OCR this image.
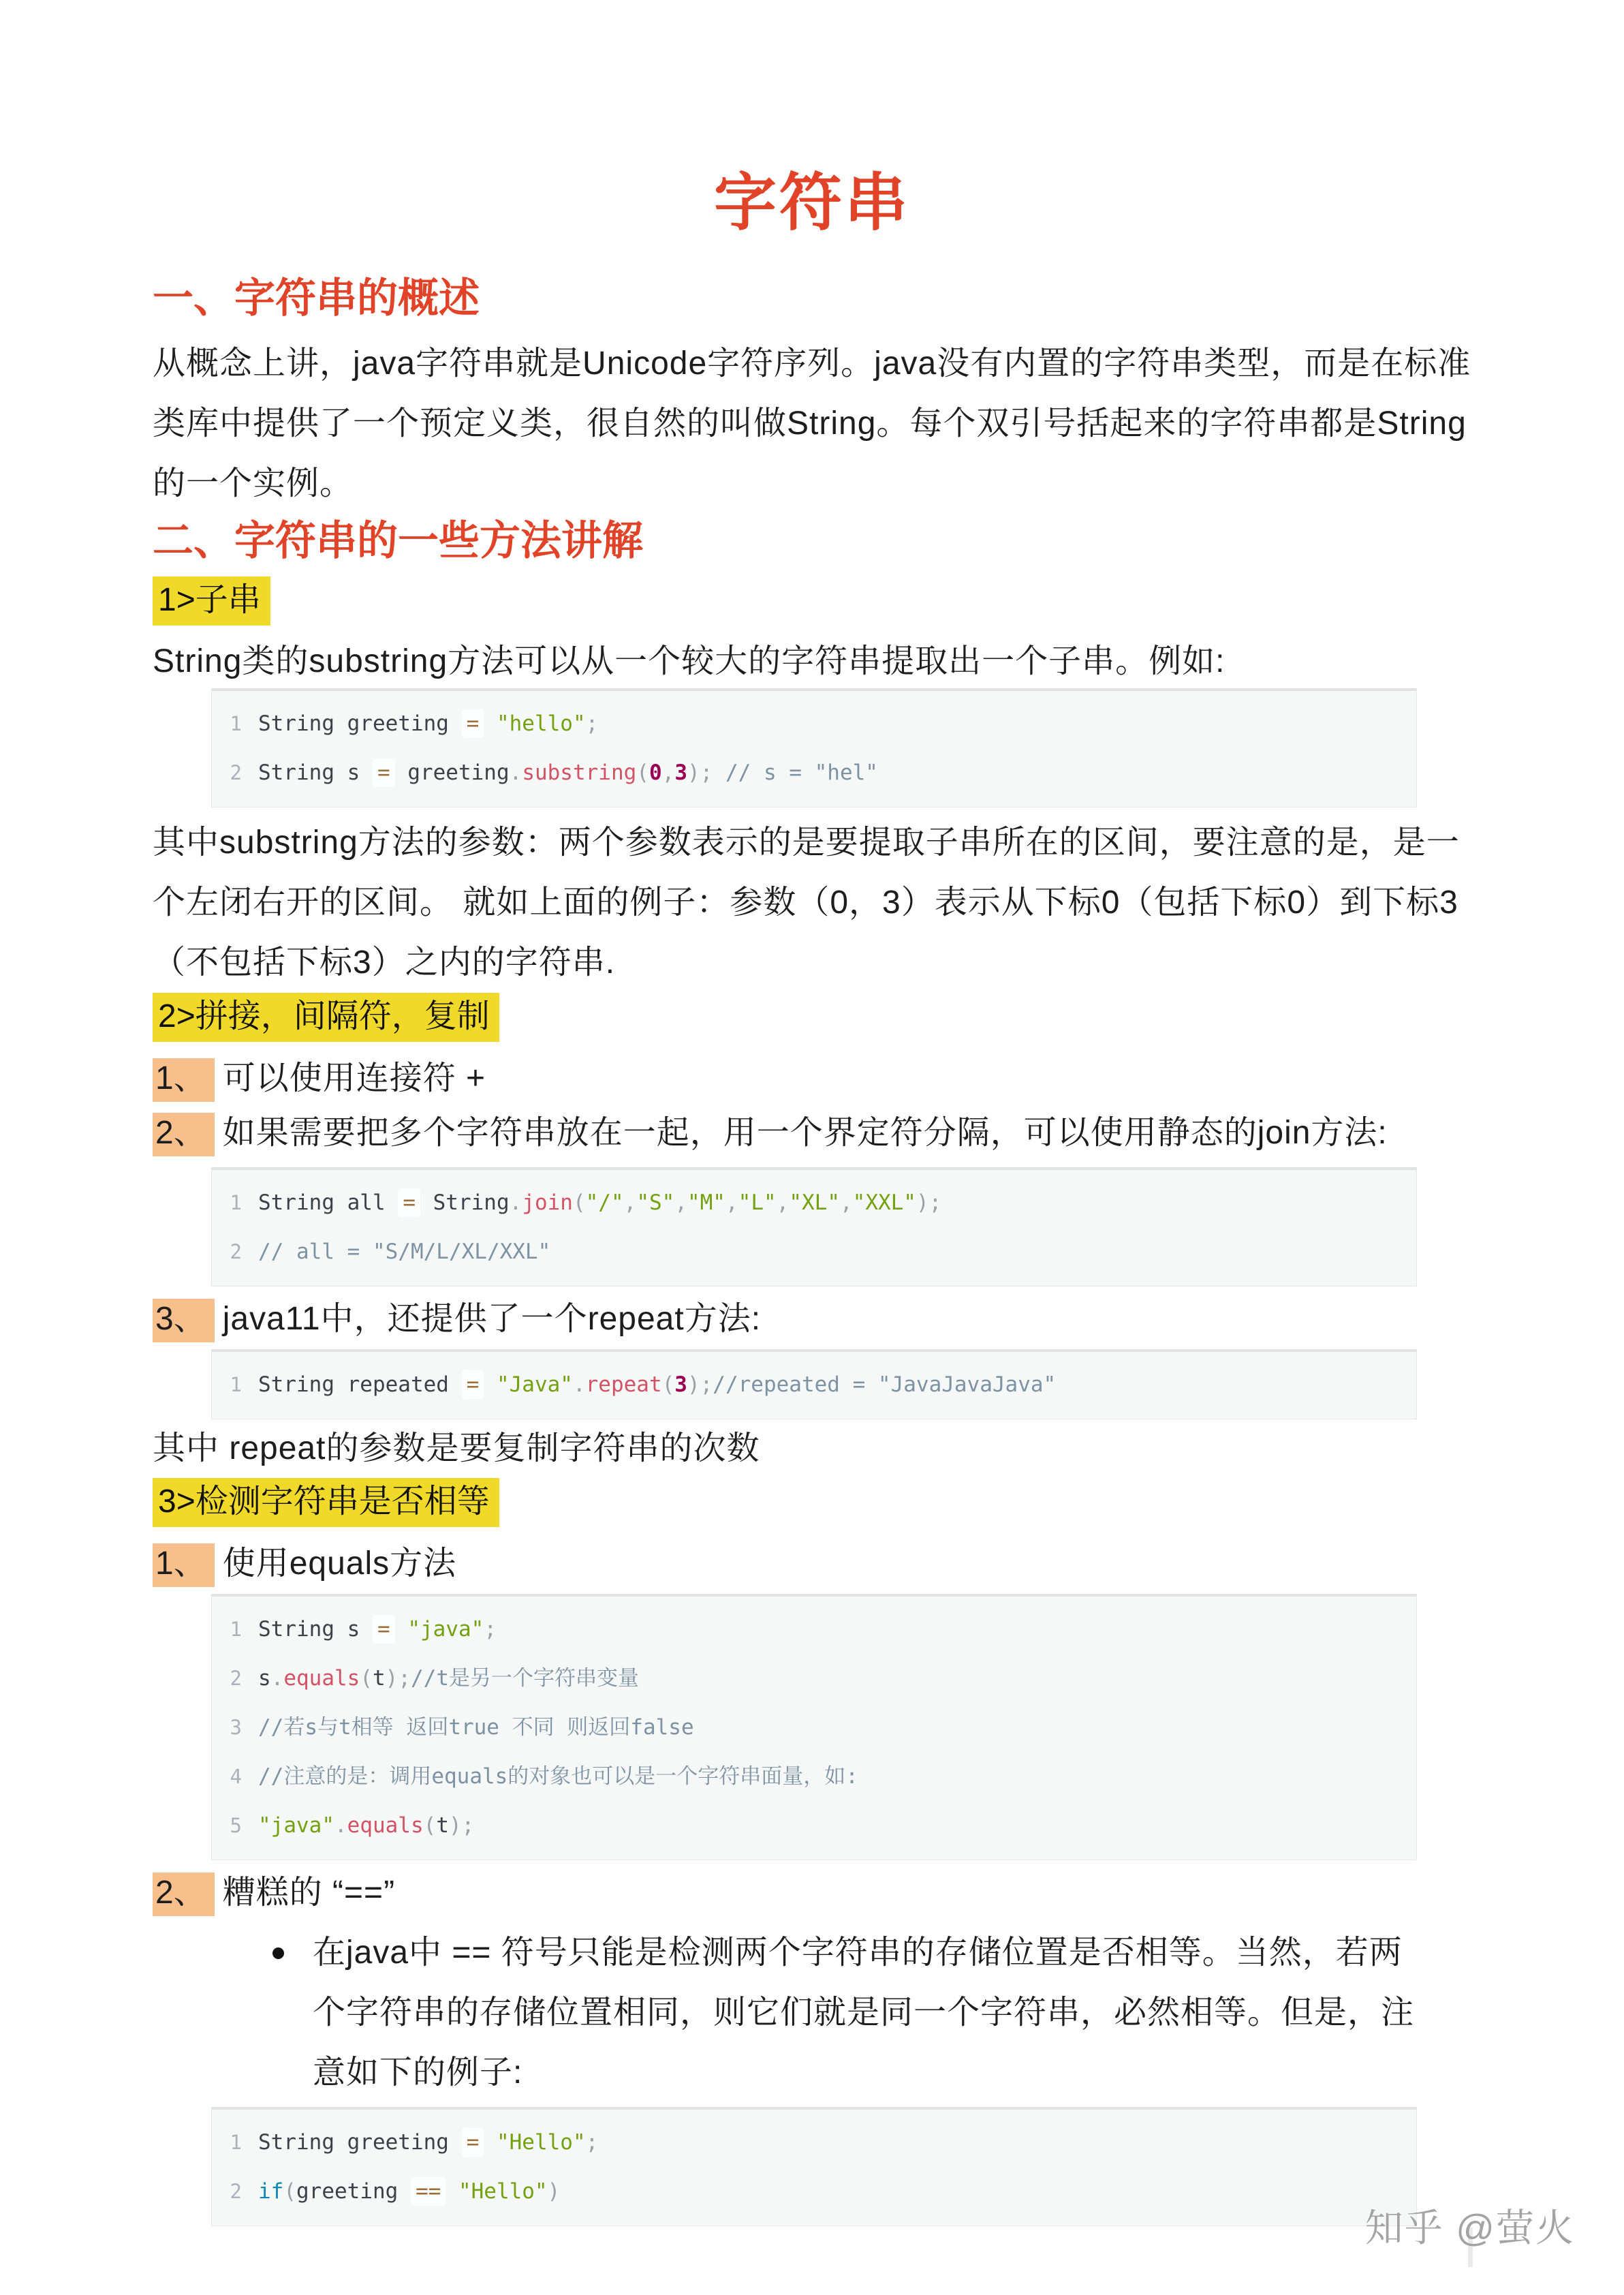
字符串
一、字符串的概述
从概念上讲，java字符串就是Unicode字符序列。java没有内置的字符串类型，而是在标准类库中提供了一个预定义类，很自然的叫做String。每个双引号括起来的字符串都是String的一个实例。
二、字符串的一些方法讲解
1>子串
String类的substring方法可以从一个较大的字符串提取出一个子串。例如:
1 String greeting = "hello";
2 String s = greeting.substring(0,3); // s = "hel"
其中substring方法的参数：两个参数表示的是要提取子串所在的区间，要注意的是，是一个左闭右开的区间。 就如上面的例子：参数（0，3）表示从下标0（包括下标0）到下标3（不包括下标3）之内的字符串.
2>拼接，间隔符，复制
1、 可以使用连接符 +
2、 如果需要把多个字符串放在一起，用一个界定符分隔，可以使用静态的join方法:
1 String all = String.join("/","S","M","L","XL","XXL");
2 // all = "S/M/L/XL/XXL"
3、 java11中，还提供了一个repeat方法:
1 String repeated = "Java".repeat(3);//repeated = "JavaJavaJava"
其中 repeat的参数是要复制字符串的次数
3>检测字符串是否相等
1、 使用equals方法
1 String s = "java";
2 s.equals(t);//t是另一个字符串变量
3 //若s与t相等 返回true 不同 则返回false
4 //注意的是：调用equals的对象也可以是一个字符串面量，如:
5 "java".equals(t);
2、 糟糕的 “==”
在java中 == 符号只能是检测两个字符串的存储位置是否相等。当然，若两个字符串的存储位置相同，则它们就是同一个字符串，必然相等。但是，注意如下的例子:
1 String greeting = "Hello";
2 if(greeting == "Hello")
知乎 @萤火
